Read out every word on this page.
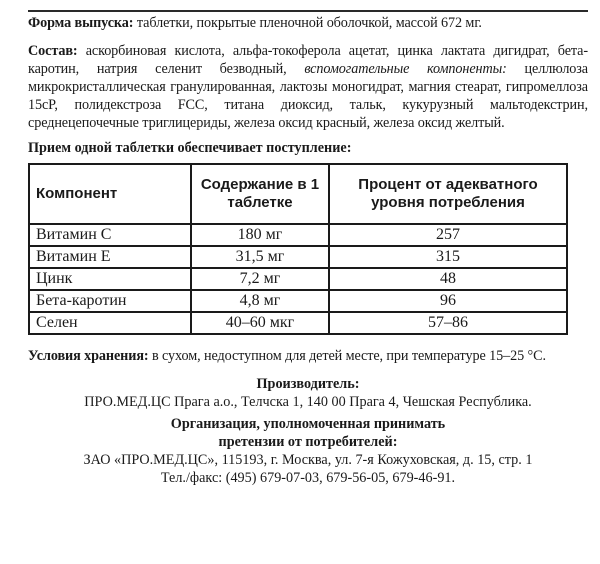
Форма выпуска: таблетки, покрытые пленочной оболочкой, массой 672 мг.
Состав: аскорбиновая кислота, альфа-токоферола ацетат, цинка лактата дигидрат, бета-каротин, натрия селенит безводный, вспомогательные компоненты: целлюлоза микрокристаллическая гранулированная, лактозы моногидрат, магния стеарат, гипромеллоза 15cP, полидекстроза FCC, титана диоксид, тальк, кукурузный мальтодекстрин, среднецепочечные триглицериды, железа оксид красный, железа оксид желтый.
Прием одной таблетки обеспечивает поступление:
Компонент	Содержание в 1 таблетке	Процент от адекватного уровня потребления
Витамин С	180 мг	257
Витамин Е	31,5 мг	315
Цинк	7,2 мг	48
Бета-каротин	4,8 мг	96
Селен	40–60 мкг	57–86
Условия хранения: в сухом, недоступном для детей месте, при температуре 15–25 °С.
Производитель:
ПРО.МЕД.ЦС Прага а.о., Телчска 1, 140 00 Прага 4, Чешская Республика.
Организация, уполномоченная принимать
претензии от потребителей:
ЗАО «ПРО.МЕД.ЦС», 115193, г. Москва, ул. 7-я Кожуховская, д. 15, стр. 1
Тел./факс: (495) 679-07-03, 679-56-05, 679-46-91.
